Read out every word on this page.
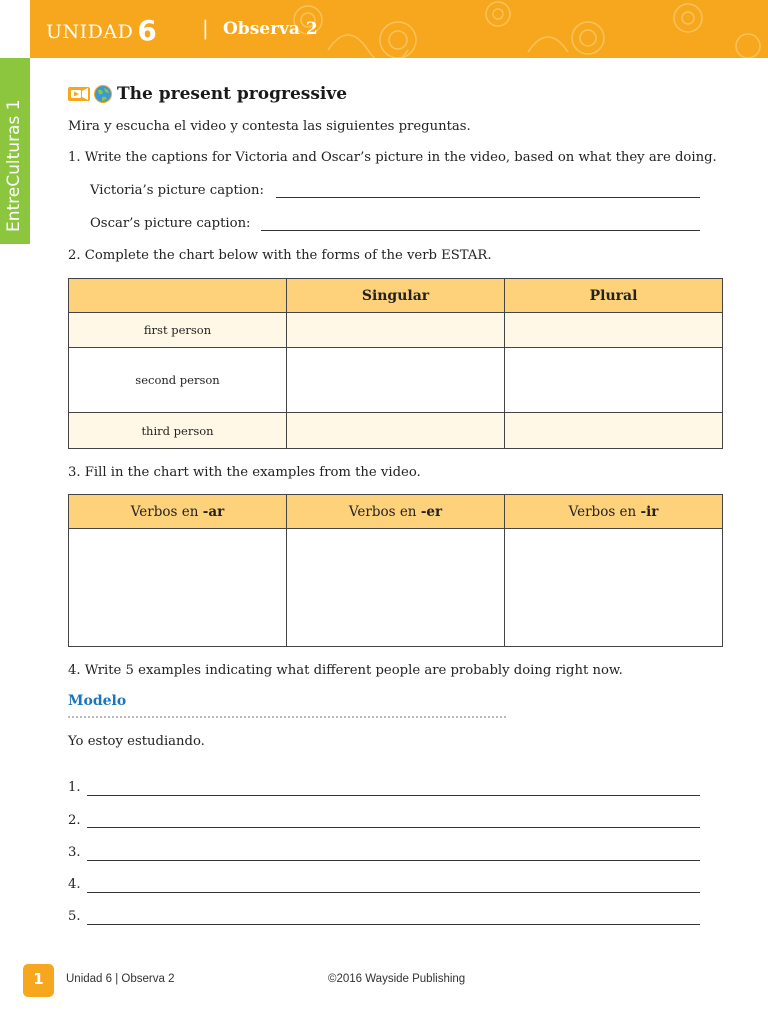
UNIDAD 6 | Observa 2
EntreCulturas 1
The present progressive
Mira y escucha el video y contesta las siguientes preguntas.
1. Write the captions for Victoria and Oscar’s picture in the video, based on what they are doing.
Victoria’s picture caption:
Oscar’s picture caption:
2. Complete the chart below with the forms of the verb ESTAR.
	Singular	Plural
first person		
second person		
third person		
3. Fill in the chart with the examples from the video.
Verbos en -ar	Verbos en -er	Verbos en -ir

4. Write 5 examples indicating what different people are probably doing right now.
Modelo
Yo estoy estudiando.
1.
2.
3.
4.
5.
1	Unidad 6 | Observa 2	©2016 Wayside Publishing
